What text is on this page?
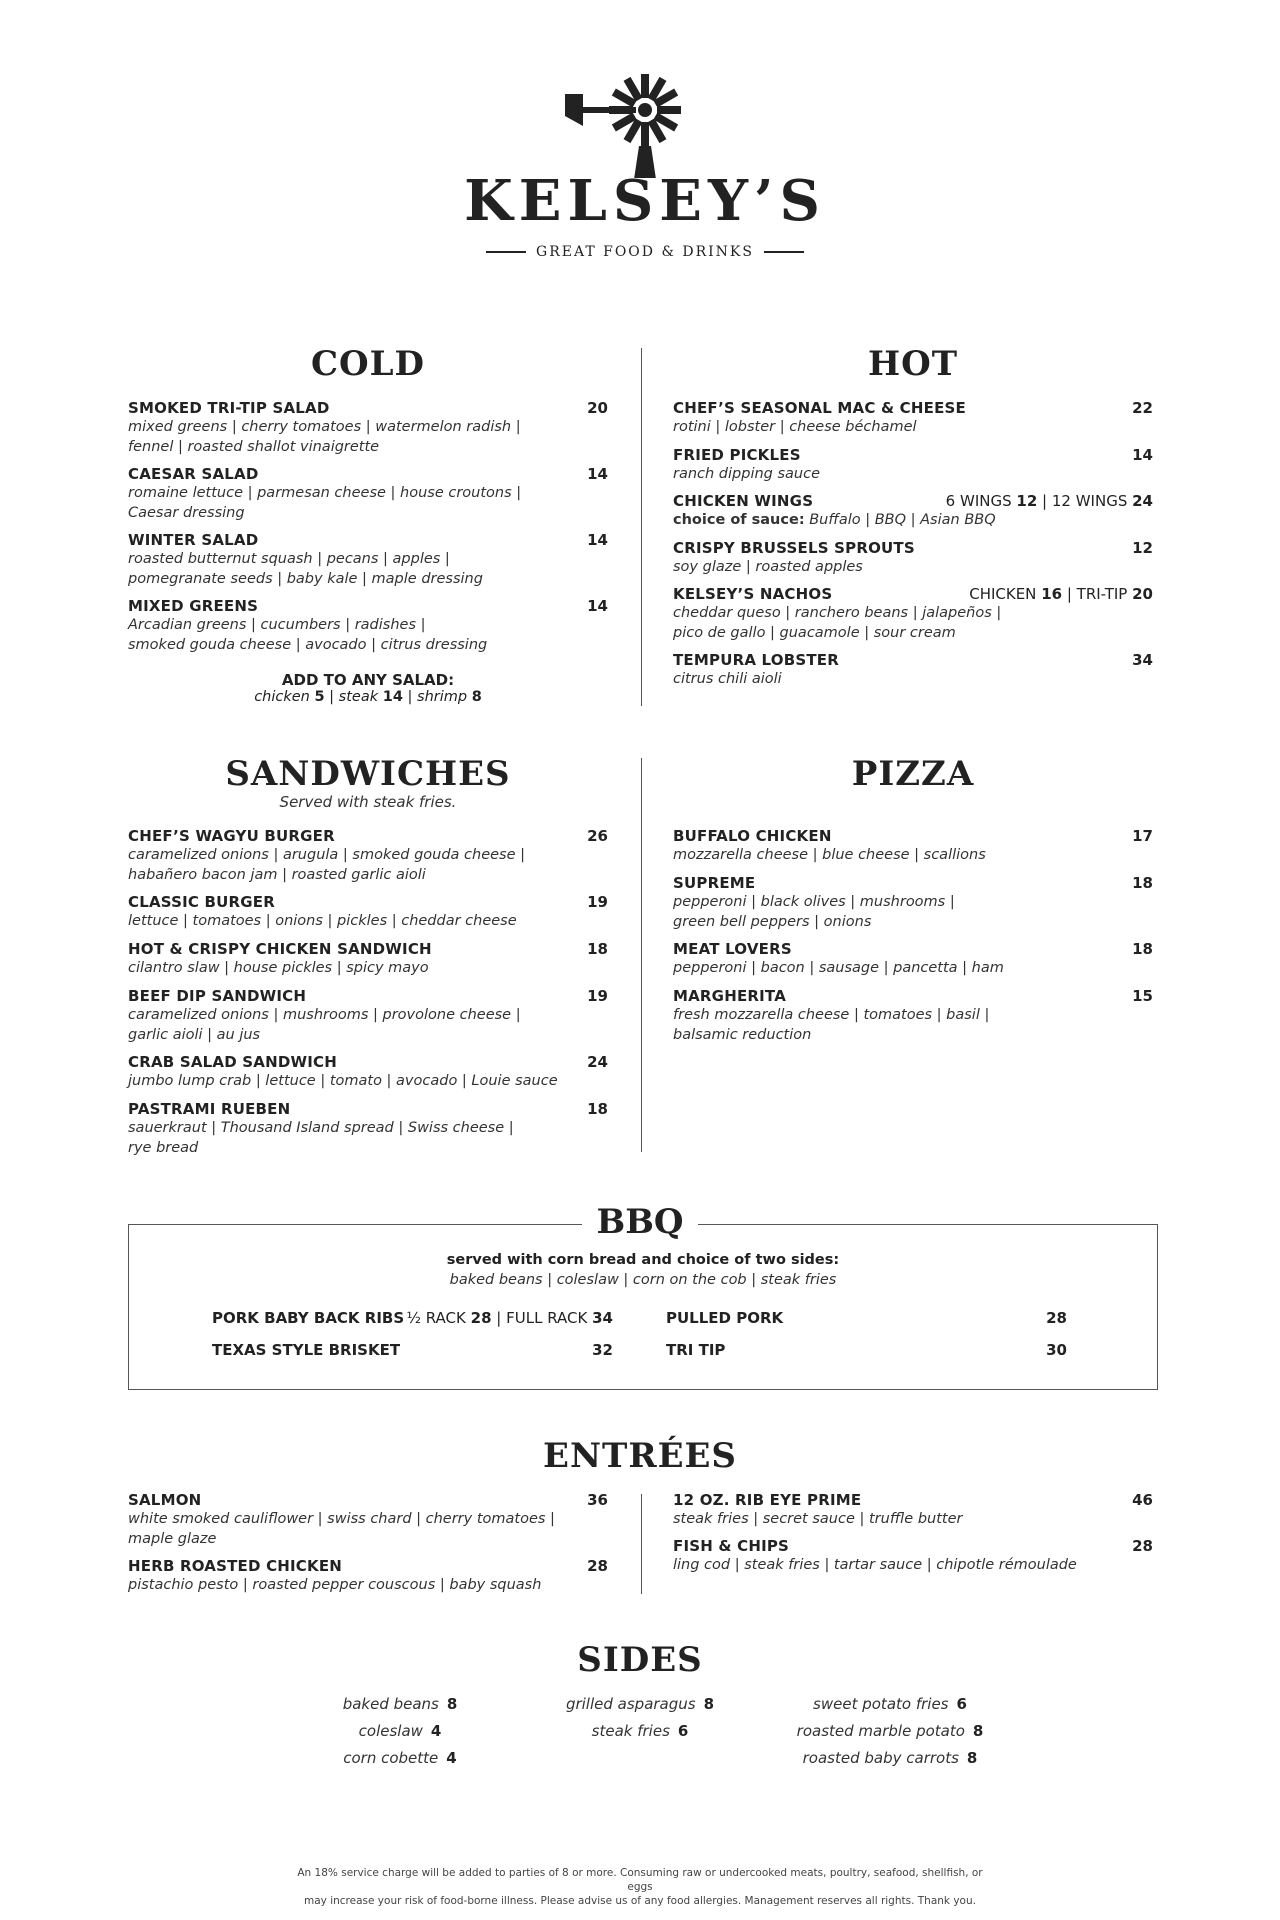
KELSEY’S
GREAT FOOD & DRINKS
COLD
SMOKED TRI-TIP SALAD	20
mixed greens | cherry tomatoes | watermelon radish |
fennel | roasted shallot vinaigrette
CAESAR SALAD	14
romaine lettuce | parmesan cheese | house croutons |
Caesar dressing
WINTER SALAD	14
roasted butternut squash | pecans | apples |
pomegranate seeds | baby kale | maple dressing
MIXED GREENS	14
Arcadian greens | cucumbers | radishes |
smoked gouda cheese | avocado | citrus dressing
ADD TO ANY SALAD:
chicken 5 | steak 14 | shrimp 8
HOT
CHEF’S SEASONAL MAC & CHEESE	22
rotini | lobster | cheese béchamel
FRIED PICKLES	14
ranch dipping sauce
CHICKEN WINGS	6 WINGS 12 | 12 WINGS 24
choice of sauce: Buffalo | BBQ | Asian BBQ
CRISPY BRUSSELS SPROUTS	12
soy glaze | roasted apples
KELSEY’S NACHOS	CHICKEN 16 | TRI-TIP 20
cheddar queso | ranchero beans | jalapeños |
pico de gallo | guacamole | sour cream
TEMPURA LOBSTER	34
citrus chili aioli
SANDWICHES
Served with steak fries.
CHEF’S WAGYU BURGER	26
caramelized onions | arugula | smoked gouda cheese |
habañero bacon jam | roasted garlic aioli
CLASSIC BURGER	19
lettuce | tomatoes | onions | pickles | cheddar cheese
HOT & CRISPY CHICKEN SANDWICH	18
cilantro slaw | house pickles | spicy mayo
BEEF DIP SANDWICH	19
caramelized onions | mushrooms | provolone cheese |
garlic aioli | au jus
CRAB SALAD SANDWICH	24
jumbo lump crab | lettuce | tomato | avocado | Louie sauce
PASTRAMI RUEBEN	18
sauerkraut | Thousand Island spread | Swiss cheese |
rye bread
PIZZA
BUFFALO CHICKEN	17
mozzarella cheese | blue cheese | scallions
SUPREME	18
pepperoni | black olives | mushrooms |
green bell peppers | onions
MEAT LOVERS	18
pepperoni | bacon | sausage | pancetta | ham
MARGHERITA	15
fresh mozzarella cheese | tomatoes | basil |
balsamic reduction
BBQ
served with corn bread and choice of two sides:
baked beans | coleslaw | corn on the cob | steak fries
PORK BABY BACK RIBS ½ RACK 28 | FULL RACK 34
TEXAS STYLE BRISKET	32
PULLED PORK	28
TRI TIP	30
ENTRÉES
SALMON	36
white smoked cauliflower | swiss chard | cherry tomatoes |
maple glaze
HERB ROASTED CHICKEN	28
pistachio pesto | roasted pepper couscous | baby squash
12 OZ. RIB EYE PRIME	46
steak fries | secret sauce | truffle butter
FISH & CHIPS	28
ling cod | steak fries | tartar sauce | chipotle rémoulade
SIDES
baked beans 8
coleslaw 4
corn cobette 4
grilled asparagus 8
steak fries 6
sweet potato fries 6
roasted marble potato 8
roasted baby carrots 8
An 18% service charge will be added to parties of 8 or more. Consuming raw or undercooked meats, poultry, seafood, shellfish, or eggs
may increase your risk of food-borne illness. Please advise us of any food allergies. Management reserves all rights. Thank you.
